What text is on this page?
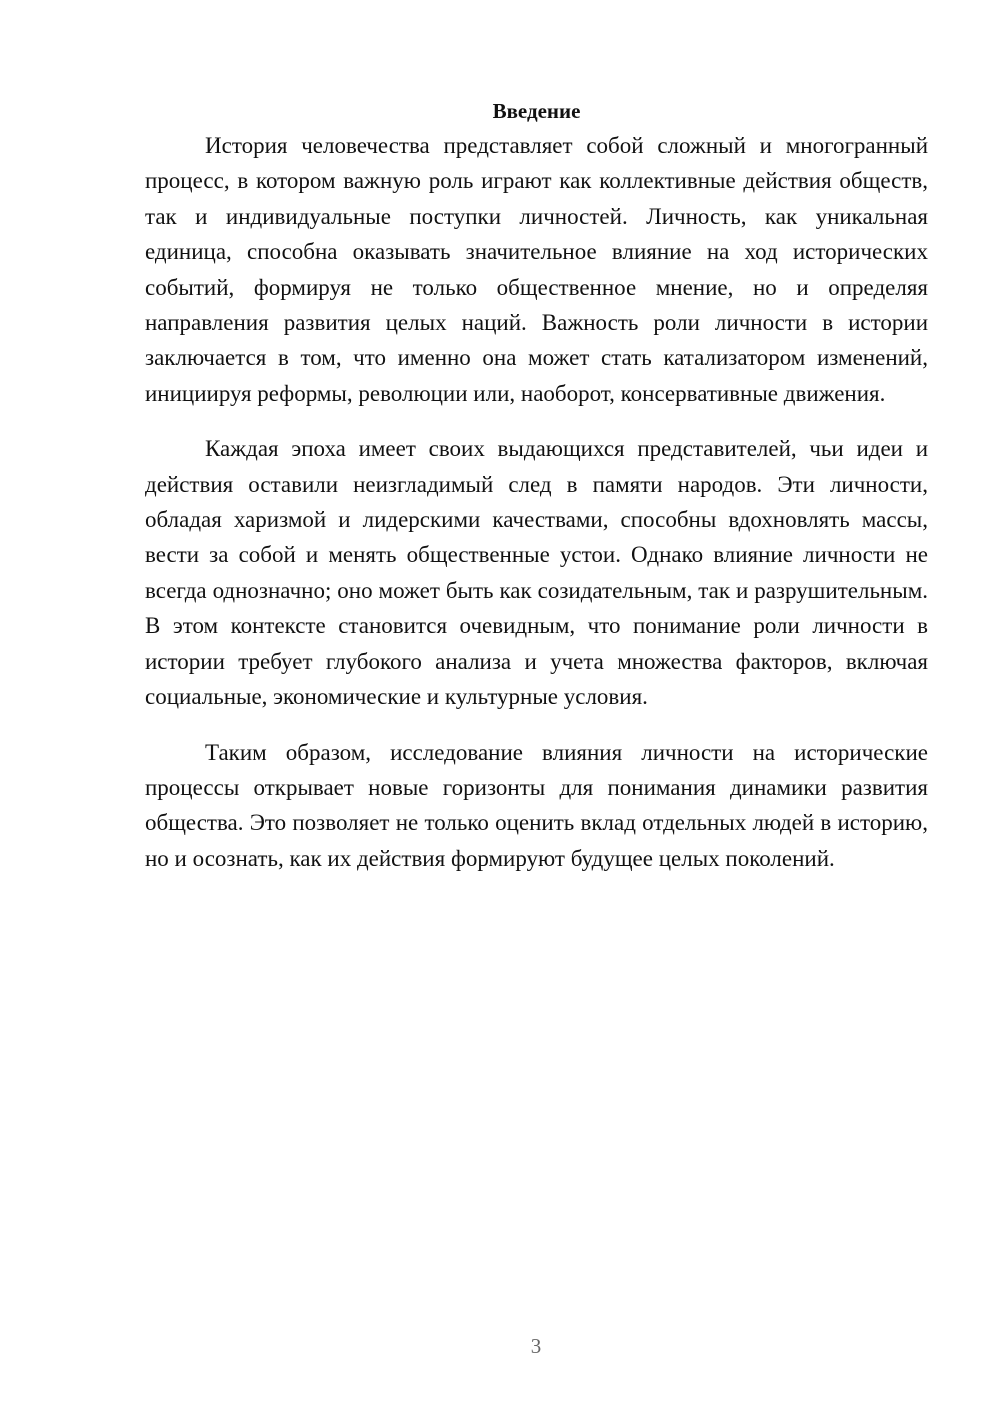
Введение

История человечества представляет собой сложный и многогранный процесс, в котором важную роль играют как коллективные действия обществ, так и индивидуальные поступки личностей. Личность, как уникальная единица, способна оказывать значительное влияние на ход исторических событий, формируя не только общественное мнение, но и определяя направления развития целых наций. Важность роли личности в истории заключается в том, что именно она может стать катализатором изменений, инициируя реформы, революции или, наоборот, консервативные движения.

Каждая эпоха имеет своих выдающихся представителей, чьи идеи и действия оставили неизгладимый след в памяти народов. Эти личности, обладая харизмой и лидерскими качествами, способны вдохновлять массы, вести за собой и менять общественные устои. Однако влияние личности не всегда однозначно; оно может быть как созидательным, так и разрушительным. В этом контексте становится очевидным, что понимание роли личности в истории требует глубокого анализа и учета множества факторов, включая социальные, экономические и культурные условия.

Таким образом, исследование влияния личности на исторические процессы открывает новые горизонты для понимания динамики развития общества. Это позволяет не только оценить вклад отдельных людей в историю, но и осознать, как их действия формируют будущее целых поколений.

3
